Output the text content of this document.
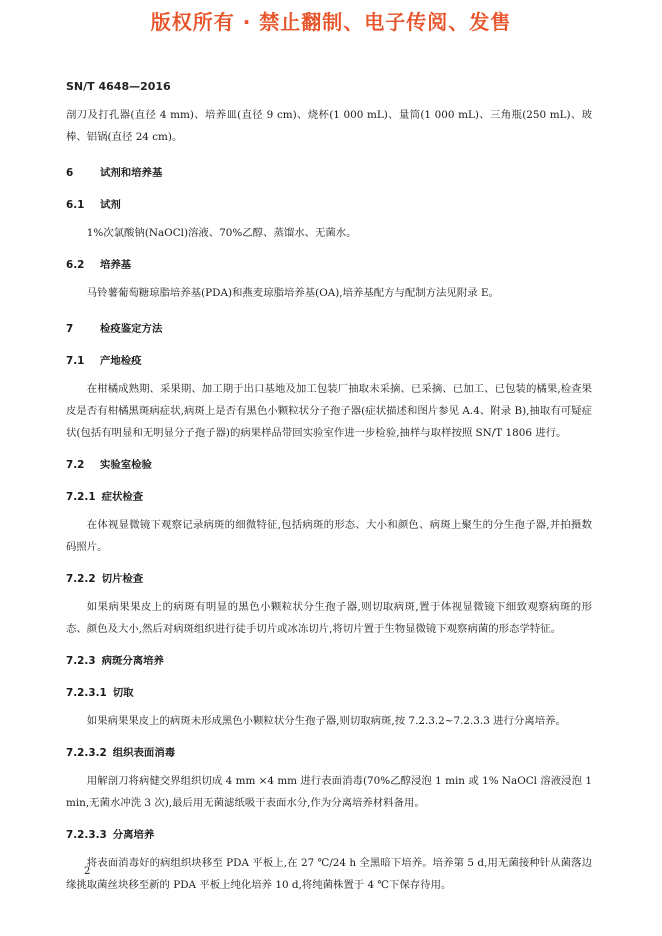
版权所有 · 禁止翻制、电子传阅、发售
SN/T 4648—2016

剖刀及打孔器(直径 4 mm)、培养皿(直径 9 cm)、烧杯(1 000 mL)、量筒(1 000 mL)、三角瓶(250 mL)、玻棒、铝锅(直径 24 cm)。

6	试剂和培养基
6.1 试剂

1%次氯酸钠(NaOCl)溶液、70%乙醇、蒸馏水、无菌水。

6.2 培养基

马铃薯葡萄糖琼脂培养基(PDA)和燕麦琼脂培养基(OA),培养基配方与配制方法见附录 E。

7	检疫鉴定方法
7.1 产地检疫

在柑橘成熟期、采果期、加工期于出口基地及加工包装厂抽取未采摘、已采摘、已加工、已包装的橘果,检查果皮是否有柑橘黑斑病症状,病斑上是否有黑色小颗粒状分子孢子器(症状描述和图片参见 A.4、附录 B),抽取有可疑症状(包括有明显和无明显分子孢子器)的病果样品带回实验室作进一步检验,抽样与取样按照 SN/T 1806 进行。

7.2 实验室检验
7.2.1 症状检查

在体视显微镜下观察记录病斑的细微特征,包括病斑的形态、大小和颜色、病斑上聚生的分生孢子器,并拍摄数码照片。

7.2.2 切片检查

如果病果果皮上的病斑有明显的黑色小颗粒状分生孢子器,则切取病斑,置于体视显微镜下细致观察病斑的形态、颜色及大小,然后对病斑组织进行徒手切片或冰冻切片,将切片置于生物显微镜下观察病菌的形态学特征。

7.2.3 病斑分离培养
7.2.3.1 切取

如果病果果皮上的病斑未形成黑色小颗粒状分生孢子器,则切取病斑,按 7.2.3.2~7.2.3.3 进行分离培养。

7.2.3.2 组织表面消毒

用解剖刀将病健交界组织切成 4 mm ×4 mm 进行表面消毒(70%乙醇浸泡 1 min 或 1% NaOCl 溶液浸泡 1 min,无菌水冲洗 3 次),最后用无菌滤纸吸干表面水分,作为分离培养材料备用。

7.2.3.3 分离培养

将表面消毒好的病组织块移至 PDA 平板上,在 27 ℃/24 h 全黑暗下培养。培养第 5 d,用无菌接种针从菌落边缘挑取菌丝块移至新的 PDA 平板上纯化培养 10 d,将纯菌株置于 4 ℃下保存待用。

2
